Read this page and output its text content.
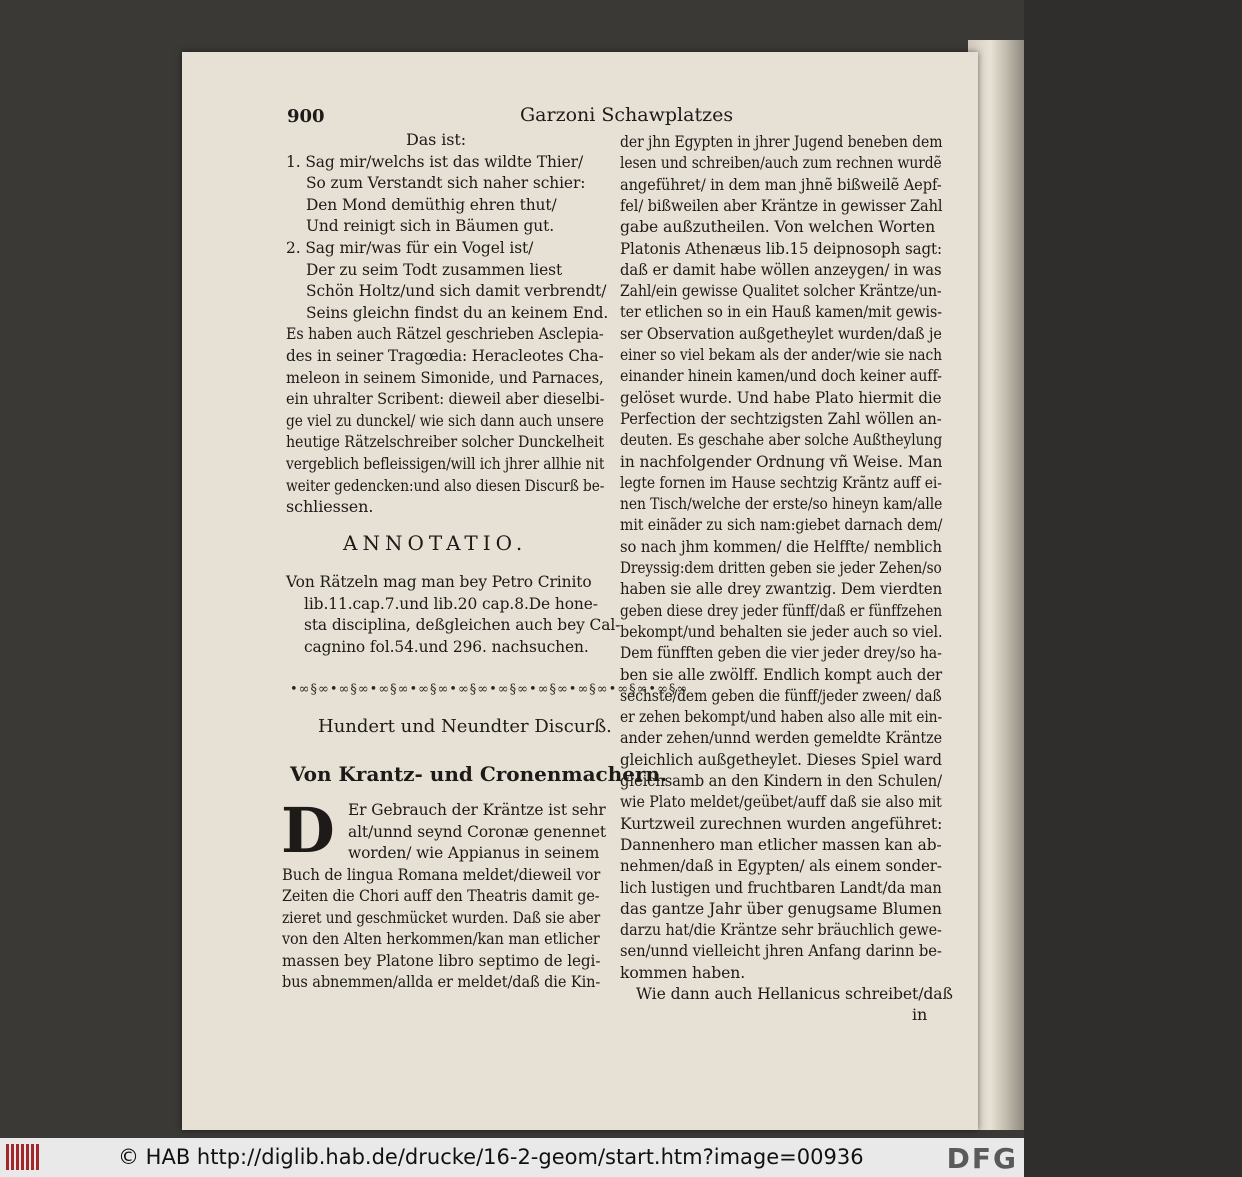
900	Garzoni Schawplatzes
Das ist:
1. Sag mir/welchs ist das wildte Thier/
So zum Verstandt sich naher schier:
Den Mond demüthig ehren thut/
Und reinigt sich in Bäumen gut.
2. Sag mir/was für ein Vogel ist/
Der zu seim Todt zusammen liest
Schön Holtz/und sich damit verbrendt/
Seins gleichn findst du an keinem End.
Es haben auch Rätzel geschrieben Asclepia-
des in seiner Tragœdia: Heracleotes Cha-
meleon in seinem Simonide, und Parnaces,
ein uhralter Scribent: dieweil aber dieselbi-
ge viel zu dunckel/ wie sich dann auch unsere
heutige Rätzelschreiber solcher Dunckelheit
vergeblich befleissigen/will ich jhrer allhie nit
weiter gedencken:und also diesen Discurß be-
schliessen.
ANNOTATIO.
Von Rätzeln mag man bey Petro Crinito
lib.11.cap.7.und lib.20 cap.8.De hone-
sta disciplina, deßgleichen auch bey Cal-
cagnino fol.54.und 296. nachsuchen.
•∞§∞•∞§∞•∞§∞•∞§∞•∞§∞•∞§∞•∞§∞•∞§∞•∞§∞•∞§∞
Hundert und Neundter Discurß.
Von Krantz- und Cronenmachern.
D Er Gebrauch der Kräntze ist sehr
alt/unnd seynd Coronæ genennet
worden/ wie Appianus in seinem
Buch de lingua Romana meldet/dieweil vor
Zeiten die Chori auff den Theatris damit ge-
zieret und geschmücket wurden. Daß sie aber
von den Alten herkommen/kan man etlicher
massen bey Platone libro septimo de legi-
bus abnemmen/allda er meldet/daß die Kin-
der jhn Egypten in jhrer Jugend beneben dem
lesen und schreiben/auch zum rechnen wurdẽ
angeführet/ in dem man jhnẽ bißweilẽ Aepf-
fel/ bißweilen aber Kräntze in gewisser Zahl
gabe außzutheilen. Von welchen Worten
Platonis Athenæus lib.15 deipnosoph sagt:
daß er damit habe wöllen anzeygen/ in was
Zahl/ein gewisse Qualitet solcher Kräntze/un-
ter etlichen so in ein Hauß kamen/mit gewis-
ser Observation außgetheylet wurden/daß je
einer so viel bekam als der ander/wie sie nach
einander hinein kamen/und doch keiner auff-
gelöset wurde. Und habe Plato hiermit die
Perfection der sechtzigsten Zahl wöllen an-
deuten. Es geschahe aber solche Außtheylung
in nachfolgender Ordnung vñ Weise. Man
legte fornen im Hause sechtzig Krãntz auff ei-
nen Tisch/welche der erste/so hineyn kam/alle
mit einãder zu sich nam:giebet darnach dem/
so nach jhm kommen/ die Helffte/ nemblich
Dreyssig:dem dritten geben sie jeder Zehen/so
haben sie alle drey zwantzig. Dem vierdten
geben diese drey jeder fünff/daß er fünffzehen
bekompt/und behalten sie jeder auch so viel.
Dem fünfften geben die vier jeder drey/so ha-
ben sie alle zwölff. Endlich kompt auch der
sechste/dem geben die fünff/jeder zween/ daß
er zehen bekompt/und haben also alle mit ein-
ander zehen/unnd werden gemeldte Kräntze
gleichlich außgetheylet. Dieses Spiel ward
gleichsamb an den Kindern in den Schulen/
wie Plato meldet/geübet/auff daß sie also mit
Kurtzweil zurechnen wurden angeführet:
Dannenhero man etlicher massen kan ab-
nehmen/daß in Egypten/ als einem sonder-
lich lustigen und fruchtbaren Landt/da man
das gantze Jahr über genugsame Blumen
darzu hat/die Kräntze sehr bräuchlich gewe-
sen/unnd vielleicht jhren Anfang darinn be-
kommen haben.
Wie dann auch Hellanicus schreibet/daß
in
© HAB http://diglib.hab.de/drucke/16-2-geom/start.htm?image=00936	DFG
